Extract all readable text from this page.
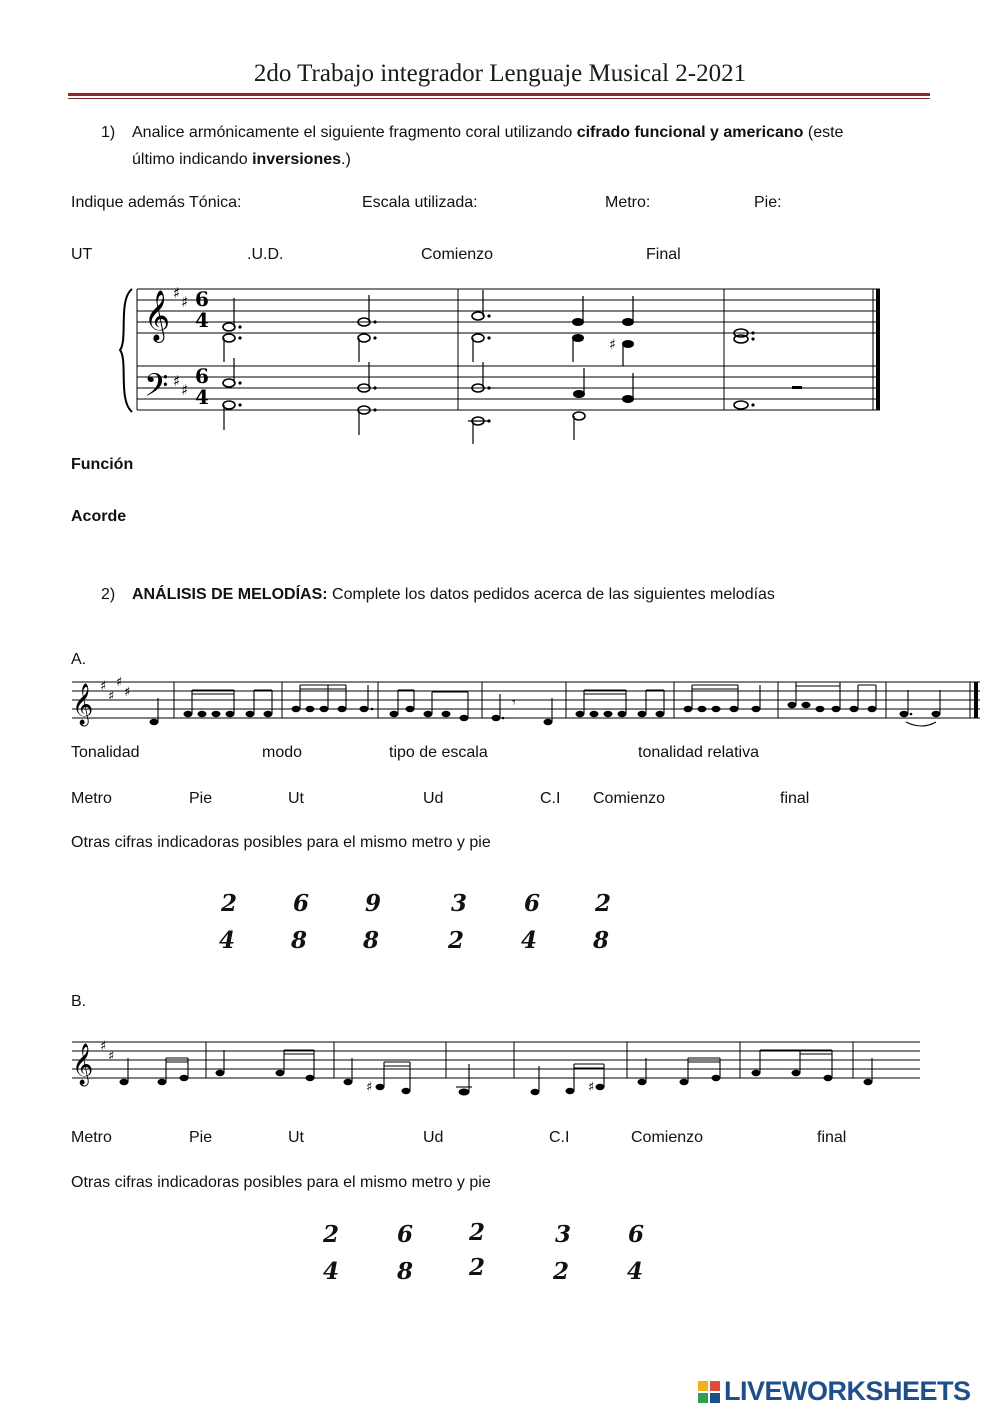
2do Trabajo integrador Lenguaje Musical 2-2021
1) Analice armónicamente el siguiente fragmento coral utilizando cifrado funcional y americano (este
último indicando inversiones.)
Indique además Tónica:	Escala utilizada:	Metro:	Pie:
UT	.U.D.	Comienzo	Final
𝄞
𝄢
♯ ♯
♯ ♯
6
4
6
4
♯
Función
Acorde
2) ANÁLISIS DE MELODÍAS: Complete los datos pedidos acerca de las siguientes melodías
A.
𝄞 ♯
♯
♯
♯
𝄾
Tonalidad	modo	tipo de escala	tonalidad relativa
Metro	Pie	Ut	Ud	C.I Comienzo	final
Otras cifras indicadoras posibles para el mismo metro y pie
2
4
6
8
9
8
3
2
6
4
2
8
B.
𝄞 ♯
♯
♯	♯
Metro	Pie	Ut	Ud	C.I	Comienzo	final
Otras cifras indicadoras posibles para el mismo metro y pie
2
4
6
8
2
2
3
2
6
4
LIVEWORKSHEETS
